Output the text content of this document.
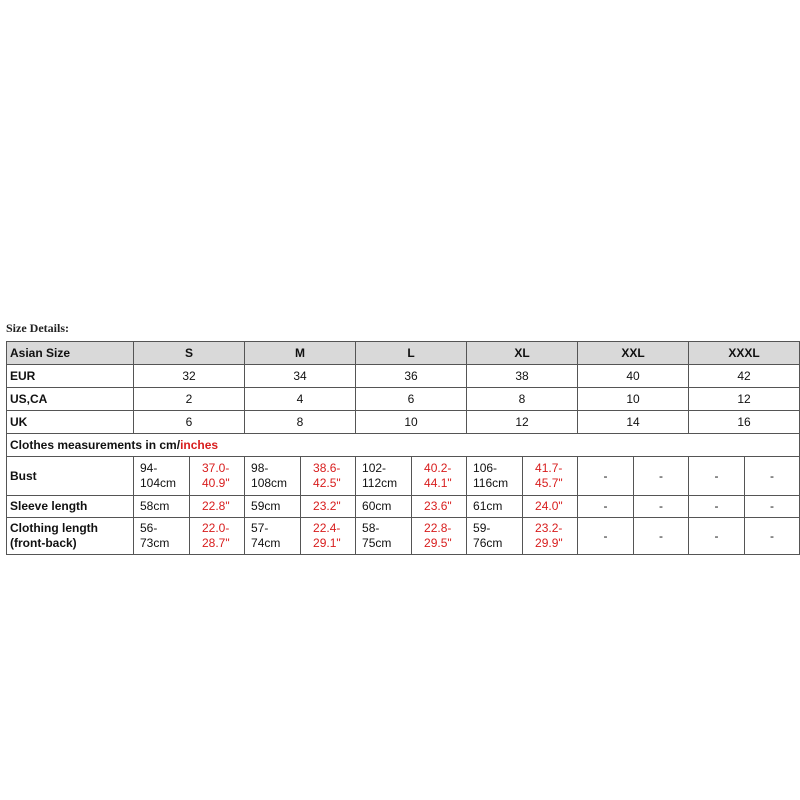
Size Details:
Asian Size	S		M		L		XL		XXL		XXXL	
EUR	32		34		36		38		40		42	
US,CA	2		4		6		8		10		12	
UK	6		8		10		12		14		16	
Clothes measurements in cm/inches												
Bust	94-104cm	37.0-40.9"	98-108cm	38.6-42.5"	102-112cm	40.2-44.1"	106-116cm	41.7-45.7"	-	-	-	-
Sleeve length	58cm	22.8"	59cm	23.2"	60cm	23.6"	61cm	24.0"	-	-	-	-
Clothing length (front-back)	56-73cm	22.0-28.7"	57-74cm	22.4-29.1"	58-75cm	22.8-29.5"	59-76cm	23.2-29.9"	-	-	-	-
